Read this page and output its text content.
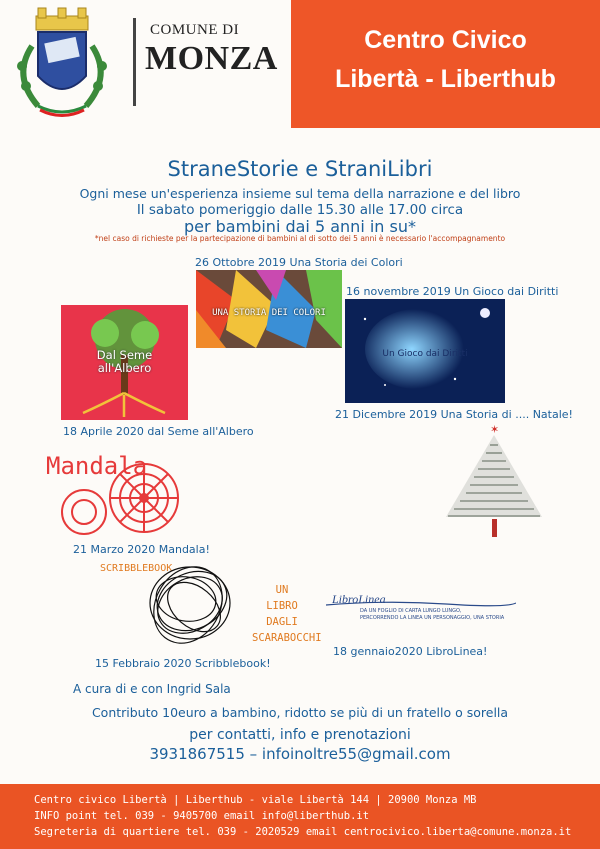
COMUNE DI
MONZA	Centro Civico
Libertà - Liberthub
StraneStorie e StraniLibri
Ogni mese un'esperienza insieme sul tema della narrazione e del libro
Il sabato pomeriggio dalle 15.30 alle 17.00 circa
per bambini dai 5 anni in su*
*nel caso di richieste per la partecipazione di bambini al di sotto dei 5 anni è necessario l'accompagnamento
26 Ottobre 2019 Una Storia dei Colori
UNA STORIA DEI COLORI
16 novembre 2019 Un Gioco dai Diritti
Un Gioco dai Diritti
Dal Seme
all'Albero
18 Aprile 2020 dal Seme all'Albero
21 Dicembre 2019 Una Storia di .... Natale!
✶
Mandala
21 Marzo 2020 Mandala!
SCRIBBLEBOOK
UN
LIBRO
DAGLI
SCARABOCCHI
15 Febbraio 2020 Scribblebook!
LibroLinea
DA UN FOGLIO DI CARTA LUNGO LUNGO,
PERCORRENDO LA LINEA UN PERSONAGGIO, UNA STORIA
18 gennaio2020 LibroLinea!
A cura di e con Ingrid Sala
Contributo 10euro a bambino, ridotto se più di un fratello o sorella
per contatti, info e prenotazioni
3931867515 – infoinoltre55@gmail.com
Centro civico Libertà | Liberthub - viale Libertà 144 | 20900 Monza MB
INFO point tel. 039 - 9405700 email info@liberthub.it
Segreteria di quartiere tel. 039 - 2020529 email centrocivico.liberta@comune.monza.it
